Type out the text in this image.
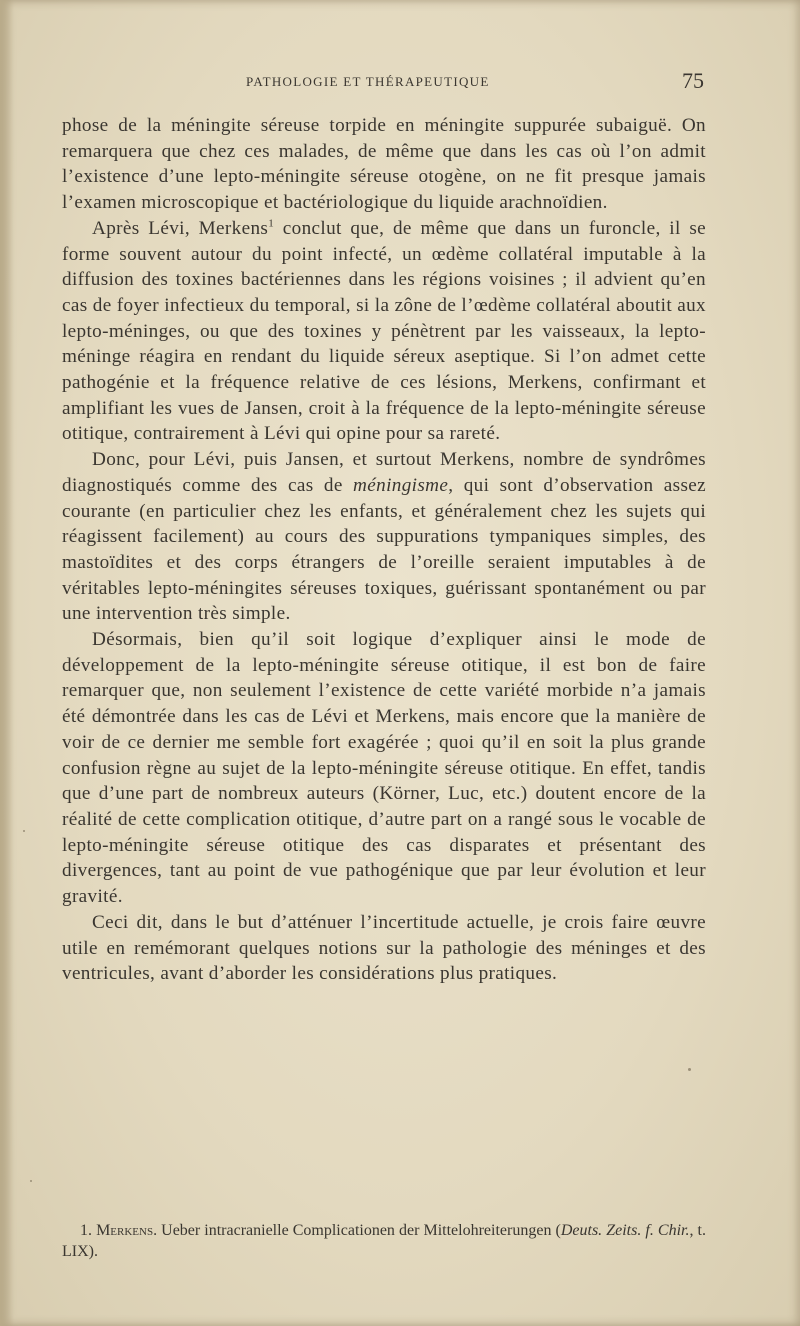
PATHOLOGIE ET THÉRAPEUTIQUE	75

phose de la méningite séreuse torpide en méningite suppurée subaiguë. On remarquera que chez ces malades, de même que dans les cas où l’on admit l’existence d’une lepto-méningite séreuse otogène, on ne fit presque jamais l’examen microscopique et bactériologique du liquide arachnoïdien.

Après Lévi, Merkens$^1$ conclut que, de même que dans un furoncle, il se forme souvent autour du point infecté, un œdème collatéral imputable à la diffusion des toxines bactériennes dans les régions voisines ; il advient qu’en cas de foyer infectieux du temporal, si la zône de l’œdème collatéral aboutit aux lepto-méninges, ou que des toxines y pénètrent par les vaisseaux, la lepto-méninge réagira en rendant du liquide séreux aseptique. Si l’on admet cette pathogénie et la fréquence relative de ces lésions, Merkens, confirmant et amplifiant les vues de Jansen, croit à la fréquence de la lepto-méningite séreuse otitique, contrairement à Lévi qui opine pour sa rareté.

Donc, pour Lévi, puis Jansen, et surtout Merkens, nombre de syndrômes diagnostiqués comme des cas de méningisme, qui sont d’observation assez courante (en particulier chez les enfants, et généralement chez les sujets qui réagissent facilement) au cours des suppurations tympaniques simples, des mastoïdites et des corps étrangers de l’oreille seraient imputables à de véritables lepto-méningites séreuses toxiques, guérissant spontanément ou par une intervention très simple.

Désormais, bien qu’il soit logique d’expliquer ainsi le mode de développement de la lepto-méningite séreuse otitique, il est bon de faire remarquer que, non seulement l’existence de cette variété morbide n’a jamais été démontrée dans les cas de Lévi et Merkens, mais encore que la manière de voir de ce dernier me semble fort exagérée ; quoi qu’il en soit la plus grande confusion règne au sujet de la lepto-méningite séreuse otitique. En effet, tandis que d’une part de nombreux auteurs (Körner, Luc, etc.) doutent encore de la réalité de cette complication otitique, d’autre part on a rangé sous le vocable de lepto-méningite séreuse otitique des cas disparates et présentant des divergences, tant au point de vue pathogénique que par leur évolution et leur gravité.

Ceci dit, dans le but d’atténuer l’incertitude actuelle, je crois faire œuvre utile en remémorant quelques notions sur la pathologie des méninges et des ventricules, avant d’aborder les considérations plus pratiques.

1. Merkens. Ueber intracranielle Complicationen der Mittelohreiterungen (Deuts. Zeits. f. Chir., t. LIX).
